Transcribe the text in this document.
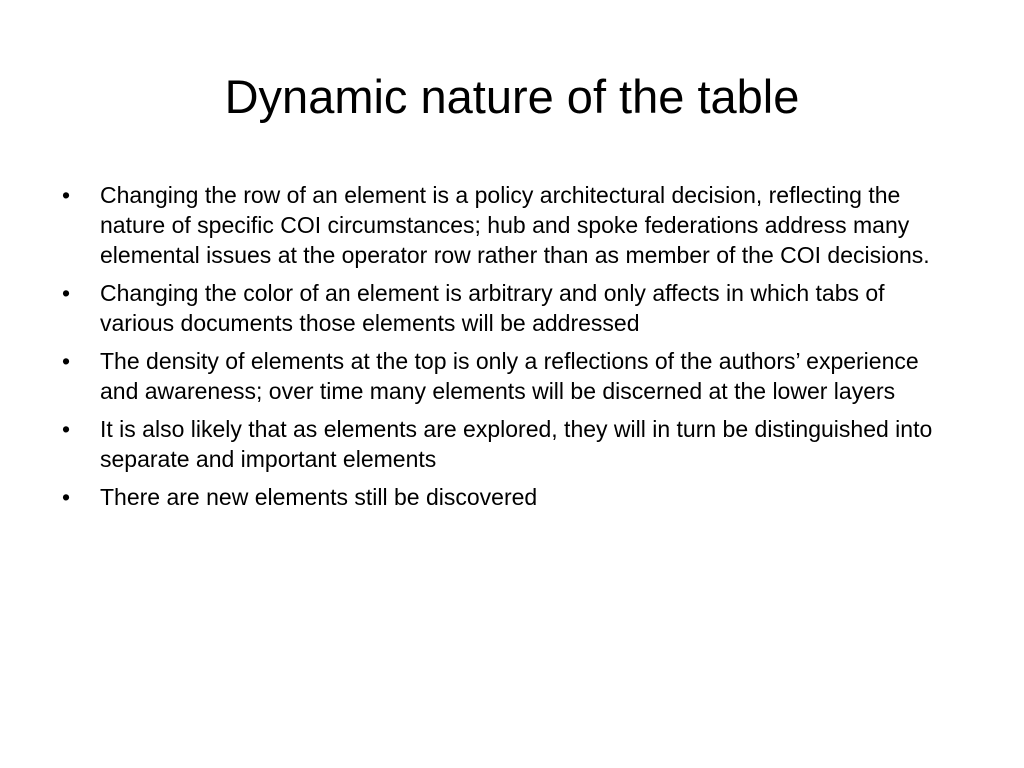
Dynamic nature of the table
•	Changing the row of an element is a policy architectural decision, reflecting the nature of specific COI circumstances; hub and spoke federations address many elemental issues at the operator row rather than as member of the COI decisions.
•	Changing the color of an element is arbitrary and only affects in which tabs of various documents those elements will be addressed
•	The density of elements at the top is only a reflections of the authors’ experience and awareness; over time many elements will be discerned at the lower layers
•	It is also likely that as elements are explored, they will in turn be distinguished into separate and important elements
•	There are new elements still be discovered
